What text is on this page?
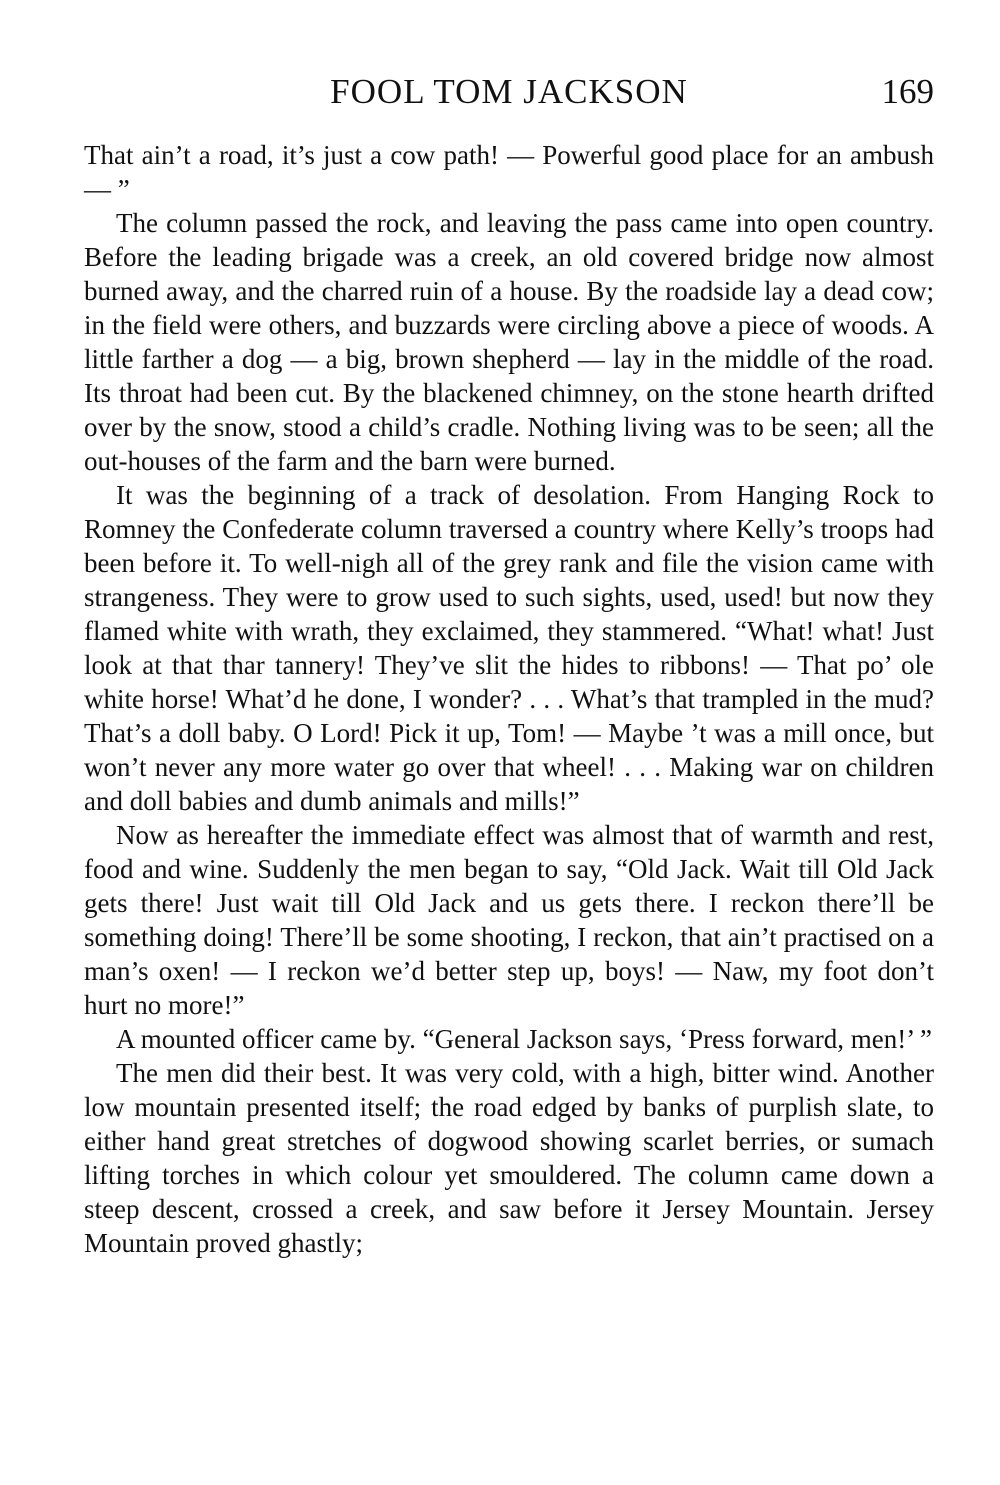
FOOL TOM JACKSON	169

That ain’t a road, it’s just a cow path! — Powerful good place for an ambush — ”

The column passed the rock, and leaving the pass came into open country. Before the leading brigade was a creek, an old covered bridge now almost burned away, and the charred ruin of a house. By the roadside lay a dead cow; in the field were others, and buzzards were circling above a piece of woods. A little farther a dog — a big, brown shepherd — lay in the middle of the road. Its throat had been cut. By the blackened chimney, on the stone hearth drifted over by the snow, stood a child’s cradle. Nothing living was to be seen; all the out-houses of the farm and the barn were burned.

It was the beginning of a track of desolation. From Hanging Rock to Romney the Confederate column traversed a country where Kelly’s troops had been before it. To well-nigh all of the grey rank and file the vision came with strangeness. They were to grow used to such sights, used, used! but now they flamed white with wrath, they exclaimed, they stammered. “What! what! Just look at that thar tannery! They’ve slit the hides to ribbons! — That po’ ole white horse! What’d he done, I wonder? . . . What’s that trampled in the mud? That’s a doll baby. O Lord! Pick it up, Tom! — Maybe ’t was a mill once, but won’t never any more water go over that wheel! . . . Making war on children and doll babies and dumb animals and mills!”

Now as hereafter the immediate effect was almost that of warmth and rest, food and wine. Suddenly the men began to say, “Old Jack. Wait till Old Jack gets there! Just wait till Old Jack and us gets there. I reckon there’ll be something doing! There’ll be some shooting, I reckon, that ain’t practised on a man’s oxen! — I reckon we’d better step up, boys! — Naw, my foot don’t hurt no more!”

A mounted officer came by. “General Jackson says, ‘Press forward, men!’ ”

The men did their best. It was very cold, with a high, bitter wind. Another low mountain presented itself; the road edged by banks of purplish slate, to either hand great stretches of dogwood showing scarlet berries, or sumach lifting torches in which colour yet smouldered. The column came down a steep descent, crossed a creek, and saw before it Jersey Mountain. Jersey Mountain proved ghastly;
